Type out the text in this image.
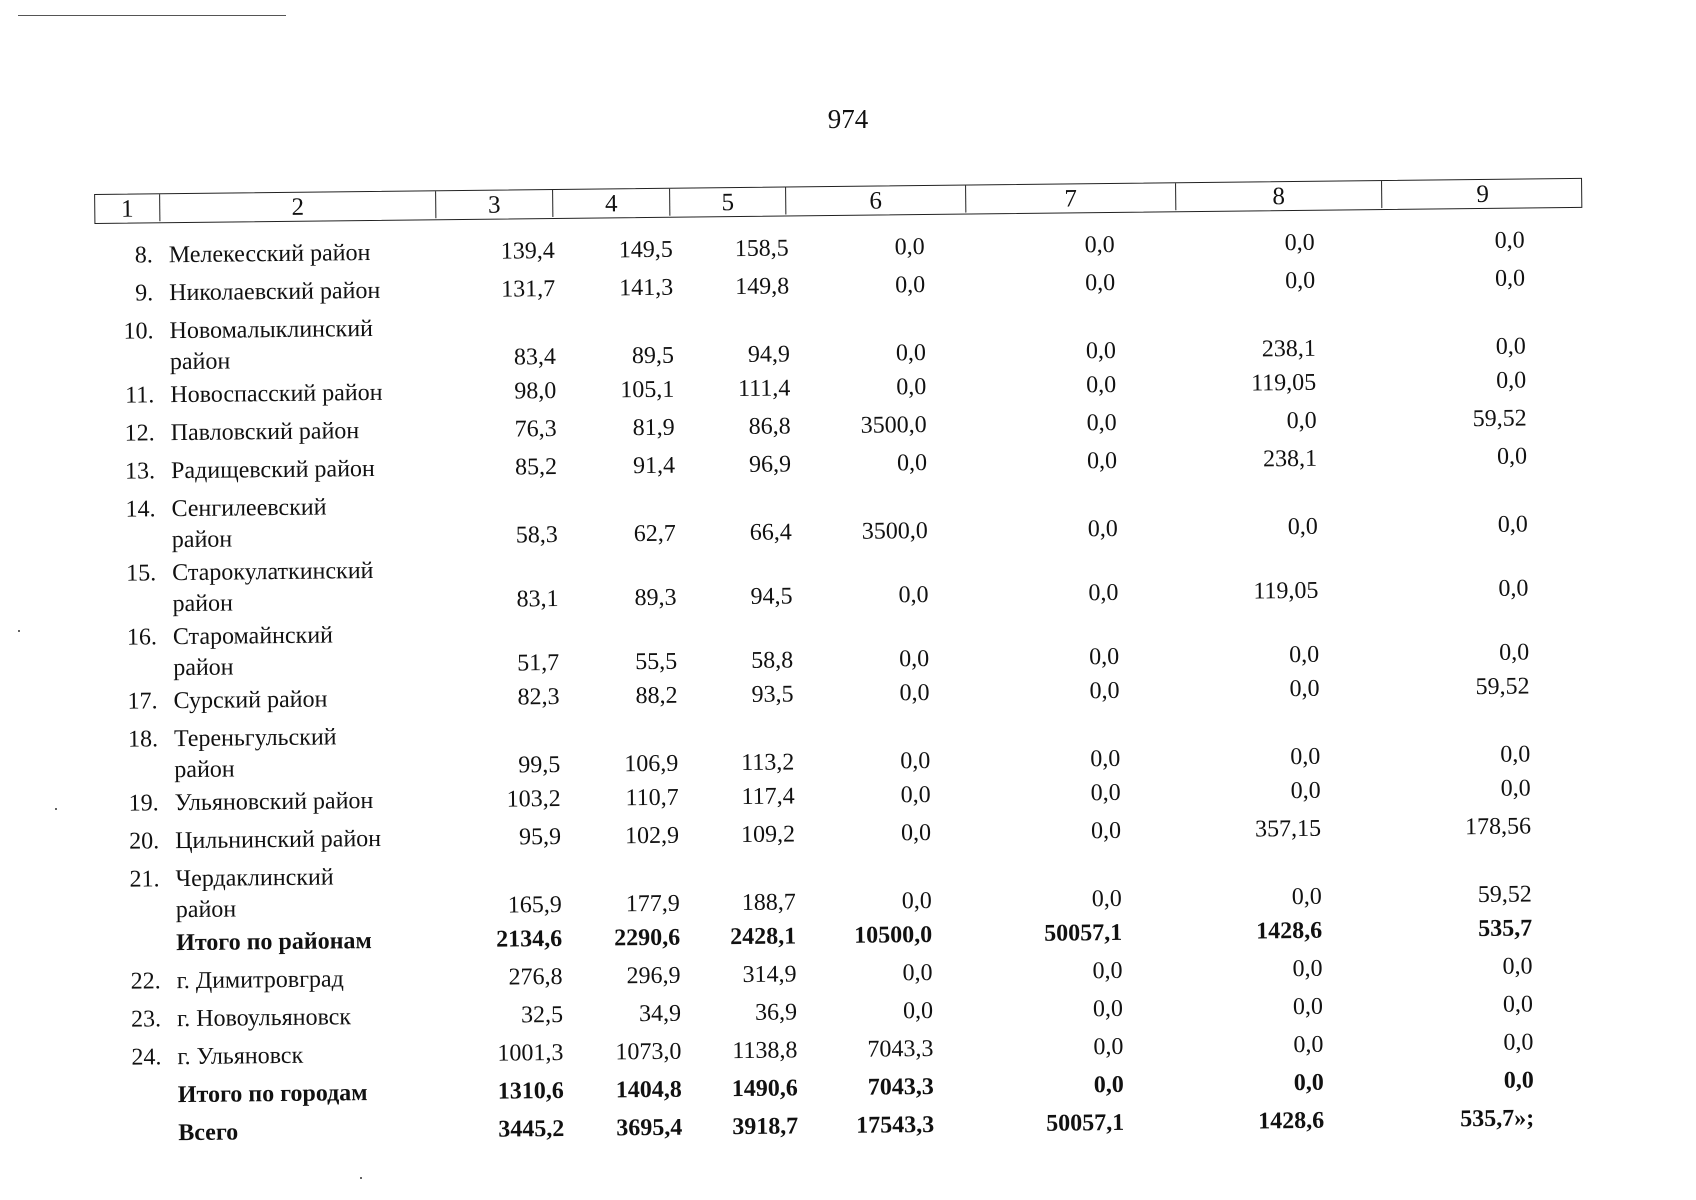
974
1	2	3	4	5	6	7	8	9
8. Мелекесский район	139,4	149,5	158,5	0,0	0,0	0,0	0,0
9. Николаевский район	131,7	141,3	149,8	0,0	0,0	0,0	0,0
10. Новомалыклинский
район	83,4	89,5	94,9	0,0	0,0	238,1	0,0
11. Новоспасский район	98,0	105,1	111,4	0,0	0,0	119,05	0,0
12. Павловский район	76,3	81,9	86,8	3500,0	0,0	0,0	59,52
13. Радищевский район	85,2	91,4	96,9	0,0	0,0	238,1	0,0
14. Сенгилеевский
район	58,3	62,7	66,4	3500,0	0,0	0,0	0,0
15. Старокулаткинский
район	83,1	89,3	94,5	0,0	0,0	119,05	0,0
16. Старомайнский
район	51,7	55,5	58,8	0,0	0,0	0,0	0,0
17. Сурский район	82,3	88,2	93,5	0,0	0,0	0,0	59,52
18. Тереньгульский
район	99,5	106,9	113,2	0,0	0,0	0,0	0,0
19. Ульяновский район	103,2	110,7	117,4	0,0	0,0	0,0	0,0
20. Цильнинский район	95,9	102,9	109,2	0,0	0,0	357,15	178,56
21. Чердаклинский
район	165,9	177,9	188,7	0,0	0,0	0,0	59,52
Итого по районам	2134,6 2290,6 2428,1 10500,0	50057,1	1428,6	535,7
22. г. Димитровград	276,8	296,9	314,9	0,0	0,0	0,0	0,0
23. г. Новоульяновск	32,5	34,9	36,9	0,0	0,0	0,0	0,0
24. г. Ульяновск	1001,3 1073,0 1138,8	7043,3	0,0	0,0	0,0
Итого по городам	1310,6 1404,8 1490,6	7043,3	0,0	0,0	0,0
Всего	3445,2 3695,4 3918,7 17543,3	50057,1	1428,6	535,7»;
